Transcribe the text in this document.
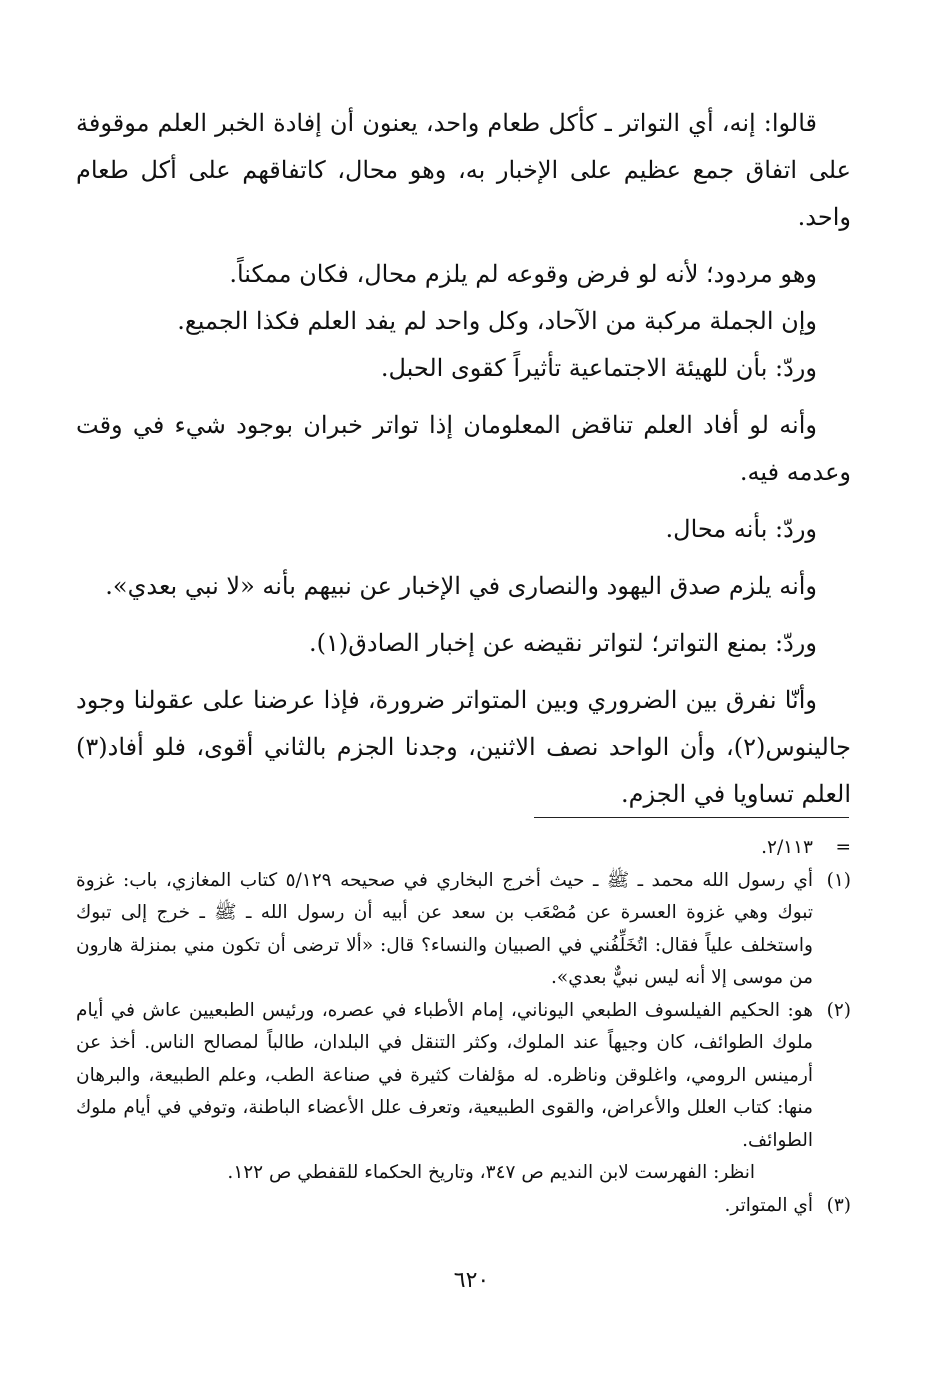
قالوا: إنه، أي التواتر ـ كأكل طعام واحد، يعنون أن إفادة الخبر العلم موقوفة على اتفاق جمع عظيم على الإخبار به، وهو محال، كاتفاقهم على أكل طعام واحد.

وهو مردود؛ لأنه لو فرض وقوعه لم يلزم محال، فكان ممكناً.

وإن الجملة مركبة من الآحاد، وكل واحد لم يفد العلم فكذا الجميع.

وردّ: بأن للهيئة الاجتماعية تأثيراً كقوى الحبل.

وأنه لو أفاد العلم تناقض المعلومان إذا تواتر خبران بوجود شيء في وقت وعدمه فيه.

وردّ: بأنه محال.

وأنه يلزم صدق اليهود والنصارى في الإخبار عن نبيهم بأنه «لا نبي بعدي».

وردّ: بمنع التواتر؛ لتواتر نقيضه عن إخبار الصادق(١).

وأنّا نفرق بين الضروري وبين المتواتر ضرورة، فإذا عرضنا على عقولنا وجود جالينوس(٢)، وأن الواحد نصف الاثنين، وجدنا الجزم بالثاني أقوى، فلو أفاد(٣) العلم تساويا في الجزم.

=
٢/١١٣.
(١)
أي رسول الله محمد ـ ﷺ ـ حيث أخرج البخاري في صحيحه ٥/١٢٩ كتاب المغازي، باب: غزوة تبوك وهي غزوة العسرة عن مُصْعَب بن سعد عن أبيه أن رسول الله ـ ﷺ ـ خرج إلى تبوك واستخلف علياً فقال: اتُخَلِّفُني في الصبيان والنساء؟ قال: «ألا ترضى أن تكون مني بمنزلة هارون من موسى إلا أنه ليس نبيٌّ بعدي».
(٢)
هو: الحكيم الفيلسوف الطبعي اليوناني، إمام الأطباء في عصره، ورئيس الطبعيين عاش في أيام ملوك الطوائف، كان وجيهاً عند الملوك، وكثر التنقل في البلدان، طالباً لمصالح الناس. أخذ عن أرمينس الرومي، واغلوقن وناظره. له مؤلفات كثيرة في صناعة الطب، وعلم الطبيعة، والبرهان منها: كتاب العلل والأعراض، والقوى الطبيعية، وتعرف علل الأعضاء الباطنة، وتوفي في أيام ملوك الطوائف.
انظر: الفهرست لابن النديم ص ٣٤٧، وتاريخ الحكماء للقفطي ص ١٢٢.
(٣)
أي المتواتر.
٦٢٠
